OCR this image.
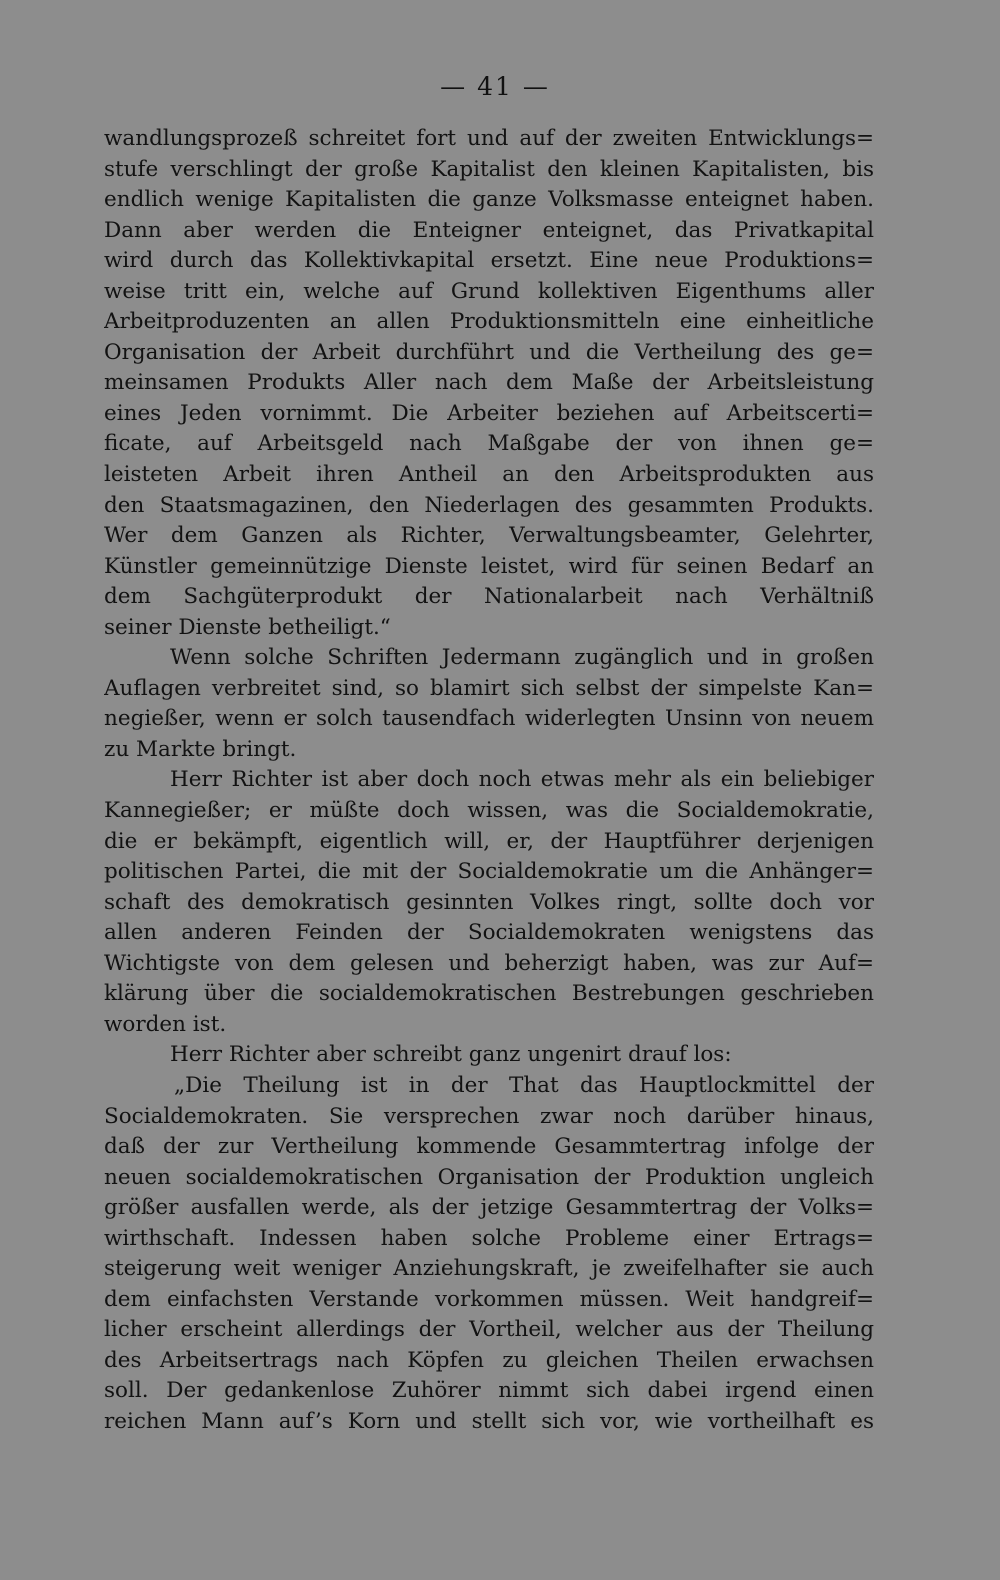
— 41 —
wandlungsprozeß schreitet fort und auf der zweiten Entwicklungs=
stufe verschlingt der große Kapitalist den kleinen Kapitalisten, bis
endlich wenige Kapitalisten die ganze Volksmasse enteignet haben.
Dann aber werden die Enteigner enteignet, das Privatkapital
wird durch das Kollektivkapital ersetzt. Eine neue Produktions=
weise tritt ein, welche auf Grund kollektiven Eigenthums aller
Arbeitproduzenten an allen Produktionsmitteln eine einheitliche
Organisation der Arbeit durchführt und die Vertheilung des ge=
meinsamen Produkts Aller nach dem Maße der Arbeitsleistung
eines Jeden vornimmt. Die Arbeiter beziehen auf Arbeitscerti=
ficate, auf Arbeitsgeld nach Maßgabe der von ihnen ge=
leisteten Arbeit ihren Antheil an den Arbeitsprodukten aus
den Staatsmagazinen, den Niederlagen des gesammten Produkts.
Wer dem Ganzen als Richter, Verwaltungsbeamter, Gelehrter,
Künstler gemeinnützige Dienste leistet, wird für seinen Bedarf an
dem Sachgüterprodukt der Nationalarbeit nach Verhältniß
seiner Dienste betheiligt.“
Wenn solche Schriften Jedermann zugänglich und in großen
Auflagen verbreitet sind, so blamirt sich selbst der simpelste Kan=
negießer, wenn er solch tausendfach widerlegten Unsinn von neuem
zu Markte bringt.
Herr Richter ist aber doch noch etwas mehr als ein beliebiger
Kannegießer; er müßte doch wissen, was die Socialdemokratie,
die er bekämpft, eigentlich will, er, der Hauptführer derjenigen
politischen Partei, die mit der Socialdemokratie um die Anhänger=
schaft des demokratisch gesinnten Volkes ringt, sollte doch vor
allen anderen Feinden der Socialdemokraten wenigstens das
Wichtigste von dem gelesen und beherzigt haben, was zur Auf=
klärung über die socialdemokratischen Bestrebungen geschrieben
worden ist.
Herr Richter aber schreibt ganz ungenirt drauf los:
„Die Theilung ist in der That das Hauptlockmittel der
Socialdemokraten. Sie versprechen zwar noch darüber hinaus,
daß der zur Vertheilung kommende Gesammtertrag infolge der
neuen socialdemokratischen Organisation der Produktion ungleich
größer ausfallen werde, als der jetzige Gesammtertrag der Volks=
wirthschaft. Indessen haben solche Probleme einer Ertrags=
steigerung weit weniger Anziehungskraft, je zweifelhafter sie auch
dem einfachsten Verstande vorkommen müssen. Weit handgreif=
licher erscheint allerdings der Vortheil, welcher aus der Theilung
des Arbeitsertrags nach Köpfen zu gleichen Theilen erwachsen
soll. Der gedankenlose Zuhörer nimmt sich dabei irgend einen
reichen Mann auf’s Korn und stellt sich vor, wie vortheilhaft es
